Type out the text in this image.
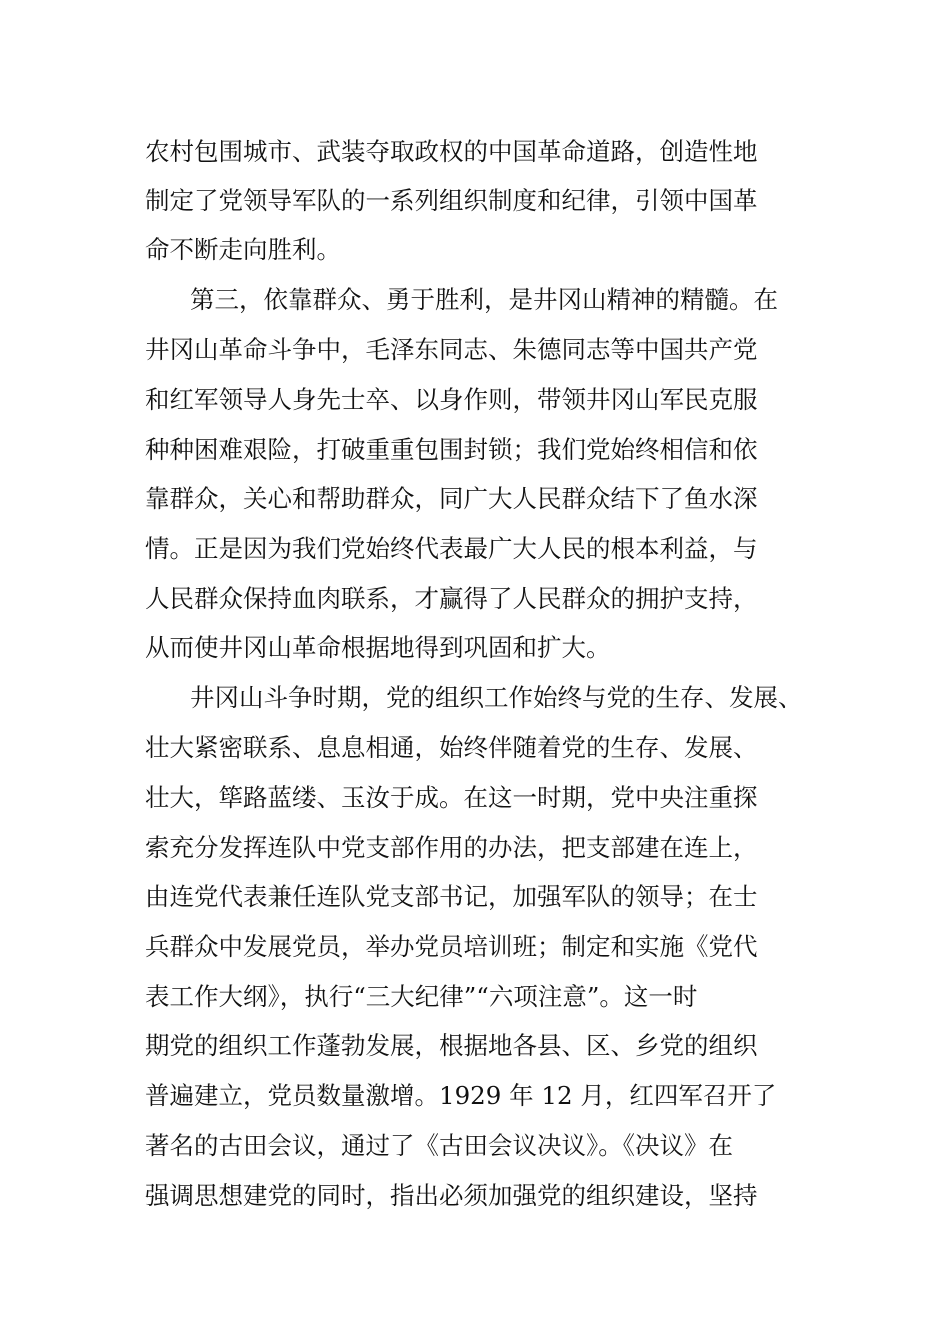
农村包围城市、武装夺取政权的中国革命道路，创造性地
制定了党领导军队的一系列组织制度和纪律，引领中国革
命不断走向胜利。
第三，依靠群众、勇于胜利，是井冈山精神的精髓。在
井冈山革命斗争中，毛泽东同志、朱德同志等中国共产党
和红军领导人身先士卒、以身作则，带领井冈山军民克服
种种困难艰险，打破重重包围封锁；我们党始终相信和依
靠群众，关心和帮助群众，同广大人民群众结下了鱼水深
情。正是因为我们党始终代表最广大人民的根本利益，与
人民群众保持血肉联系，才赢得了人民群众的拥护支持，
从而使井冈山革命根据地得到巩固和扩大。
井冈山斗争时期，党的组织工作始终与党的生存、发展、
壮大紧密联系、息息相通，始终伴随着党的生存、发展、
壮大，筚路蓝缕、玉汝于成。在这一时期，党中央注重探
索充分发挥连队中党支部作用的办法，把支部建在连上，
由连党代表兼任连队党支部书记，加强军队的领导；在士
兵群众中发展党员，举办党员培训班；制定和实施《党代
表工作大纲》，执行“三大纪律”“六项注意”。这一时
期党的组织工作蓬勃发展，根据地各县、区、乡党的组织
普遍建立，党员数量激增。1929 年 12 月，红四军召开了
著名的古田会议，通过了《古田会议决议》。《决议》在
强调思想建党的同时，指出必须加强党的组织建设，坚持
